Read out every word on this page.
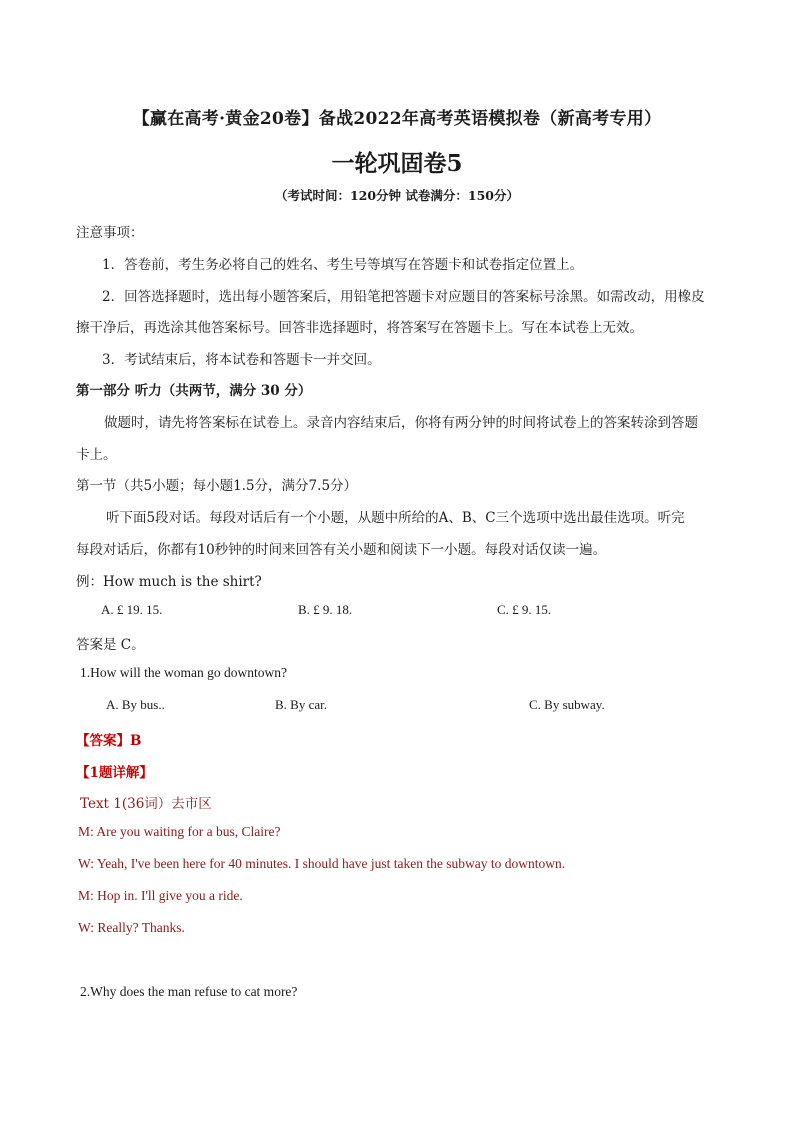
【赢在高考·黄金20卷】备战2022年高考英语模拟卷（新高考专用）
一轮巩固卷5
（考试时间：120分钟 试卷满分：150分）
注意事项：
1．答卷前，考生务必将自己的姓名、考生号等填写在答题卡和试卷指定位置上。
2．回答选择题时，选出每小题答案后，用铅笔把答题卡对应题目的答案标号涂黑。如需改动，用橡皮
擦干净后，再选涂其他答案标号。回答非选择题时，将答案写在答题卡上。写在本试卷上无效。
3．考试结束后，将本试卷和答题卡一并交回。
第一部分 听力（共两节，满分 30 分）
做题时，请先将答案标在试卷上。录音内容结束后，你将有两分钟的时间将试卷上的答案转涂到答题
卡上。
第一节（共5小题；每小题1.5分，满分7.5分）
听下面5段对话。每段对话后有一个小题，从题中所给的A、B、C三个选项中选出最佳选项。听完
每段对话后，你都有10秒钟的时间来回答有关小题和阅读下一小题。每段对话仅读一遍。
例：How much is the shirt?
A. £ 19. 15.	B. £ 9. 18.	C. £ 9. 15.
答案是 C。
1.How will the woman go downtown?
A. By bus..	B. By car.	C. By subway.
【答案】B
【1题详解】
Text 1(36词）去市区
M: Are you waiting for a bus, Claire?
W: Yeah, I've been here for 40 minutes. I should have just taken the subway to downtown.
M: Hop in. I'll give you a ride.
W: Really? Thanks.
2.Why does the man refuse to cat more?
